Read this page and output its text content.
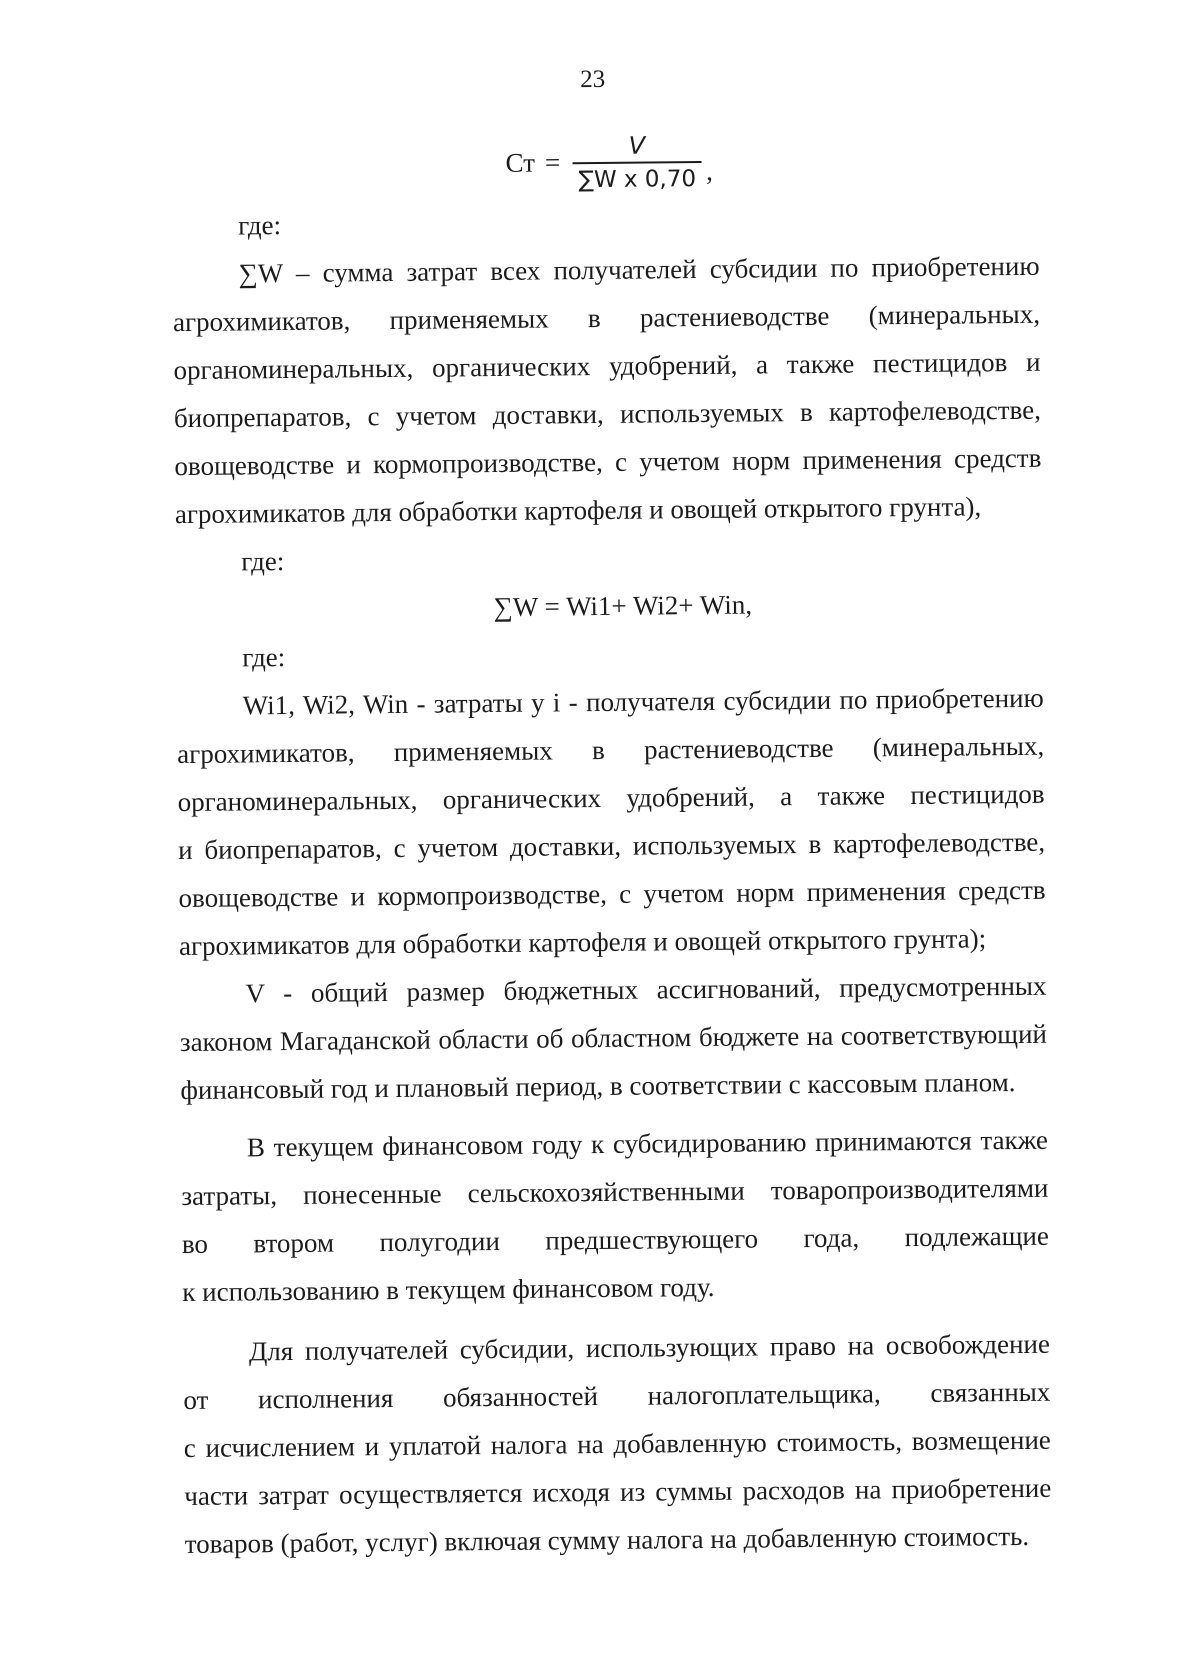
23
Ст = $\frac{V}{\text{∑W x 0,70}}$ ,
где:
∑W – сумма затрат всех получателей субсидии по приобретению
агрохимикатов, применяемых в растениеводстве (минеральных,
органоминеральных, органических удобрений, а также пестицидов и
биопрепаратов, с учетом доставки, используемых в картофелеводстве,
овощеводстве и кормопроизводстве, с учетом норм применения средств
агрохимикатов для обработки картофеля и овощей открытого грунта),
где:
∑W = Wi1+ Wi2+ Win,
где:
Wi1, Wi2, Win - затраты у i - получателя субсидии по приобретению
агрохимикатов, применяемых в растениеводстве (минеральных,
органоминеральных, органических удобрений, а также пестицидов
и биопрепаратов, с учетом доставки, используемых в картофелеводстве,
овощеводстве и кормопроизводстве, с учетом норм применения средств
агрохимикатов для обработки картофеля и овощей открытого грунта);
V - общий размер бюджетных ассигнований, предусмотренных
законом Магаданской области об областном бюджете на соответствующий
финансовый год и плановый период, в соответствии с кассовым планом.
В текущем финансовом году к субсидированию принимаются также
затраты, понесенные сельскохозяйственными товаропроизводителями
во втором полугодии предшествующего года, подлежащие
к использованию в текущем финансовом году.
Для получателей субсидии, использующих право на освобождение
от исполнения обязанностей налогоплательщика, связанных
с исчислением и уплатой налога на добавленную стоимость, возмещение
части затрат осуществляется исходя из суммы расходов на приобретение
товаров (работ, услуг) включая сумму налога на добавленную стоимость.
